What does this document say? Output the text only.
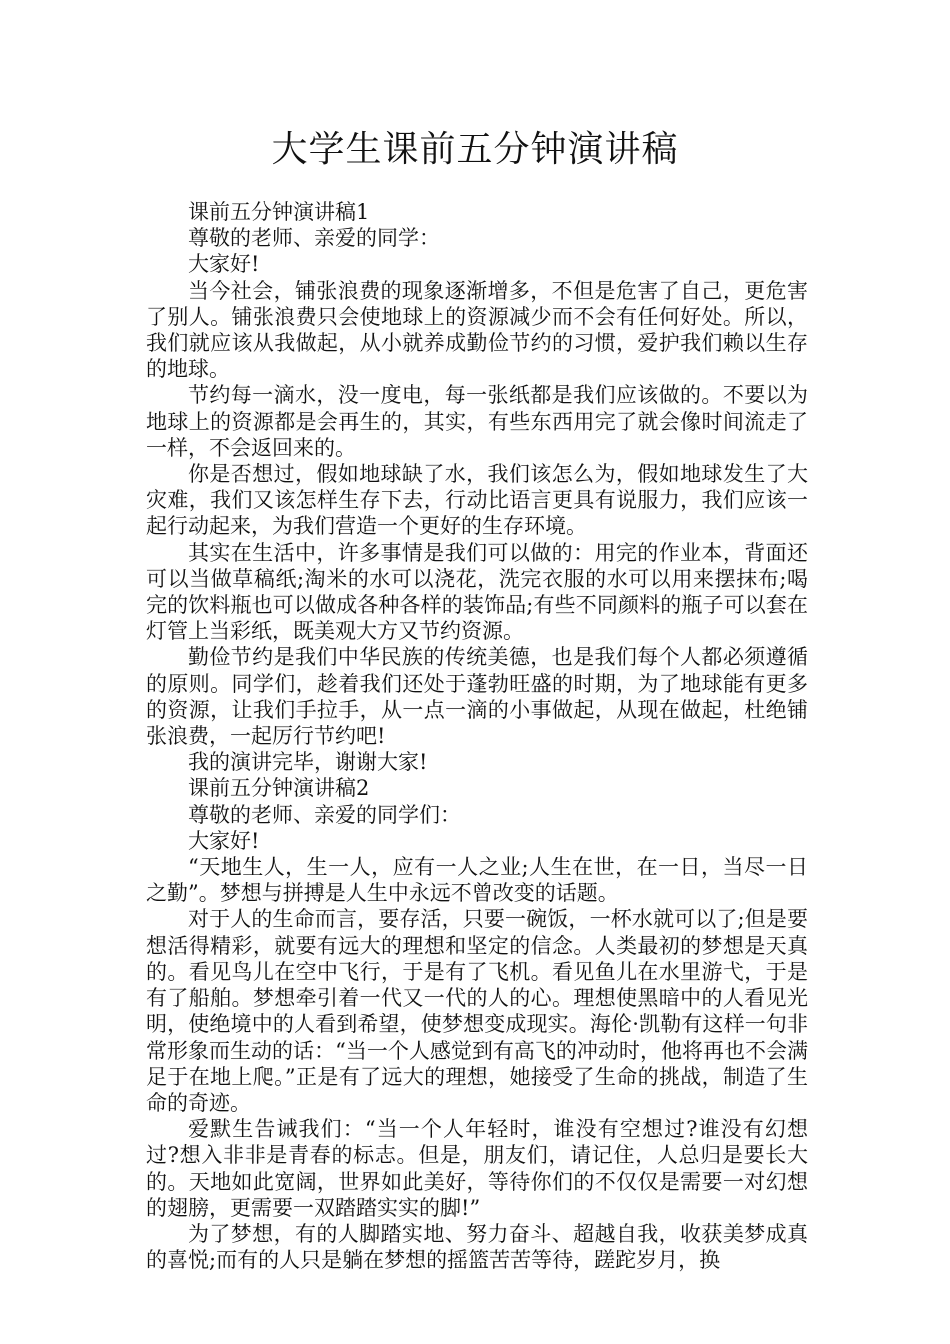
大学生课前五分钟演讲稿

课前五分钟演讲稿1

尊敬的老师、亲爱的同学：

大家好!

当今社会，铺张浪费的现象逐渐增多，不但是危害了自己，更危害了别人。铺张浪费只会使地球上的资源减少而不会有任何好处。所以，我们就应该从我做起，从小就养成勤俭节约的习惯，爱护我们赖以生存的地球。

节约每一滴水，没一度电，每一张纸都是我们应该做的。不要以为地球上的资源都是会再生的，其实，有些东西用完了就会像时间流走了一样，不会返回来的。

你是否想过，假如地球缺了水，我们该怎么为，假如地球发生了大灾难，我们又该怎样生存下去，行动比语言更具有说服力，我们应该一起行动起来，为我们营造一个更好的生存环境。

其实在生活中，许多事情是我们可以做的：用完的作业本，背面还可以当做草稿纸;淘米的水可以浇花，洗完衣服的水可以用来摆抹布;喝完的饮料瓶也可以做成各种各样的装饰品;有些不同颜料的瓶子可以套在灯管上当彩纸，既美观大方又节约资源。

勤俭节约是我们中华民族的传统美德，也是我们每个人都必须遵循的原则。同学们，趁着我们还处于蓬勃旺盛的时期，为了地球能有更多的资源，让我们手拉手，从一点一滴的小事做起，从现在做起，杜绝铺张浪费，一起厉行节约吧!

我的演讲完毕，谢谢大家!

课前五分钟演讲稿2

尊敬的老师、亲爱的同学们：

大家好!

“天地生人，生一人，应有一人之业;人生在世，在一日，当尽一日之勤”。梦想与拼搏是人生中永远不曾改变的话题。

对于人的生命而言，要存活，只要一碗饭，一杯水就可以了;但是要想活得精彩，就要有远大的理想和坚定的信念。人类最初的梦想是天真的。看见鸟儿在空中飞行，于是有了飞机。看见鱼儿在水里游弋，于是有了船舶。梦想牵引着一代又一代的人的心。理想使黑暗中的人看见光明，使绝境中的人看到希望，使梦想变成现实。海伦·凯勒有这样一句非常形象而生动的话：“当一个人感觉到有高飞的冲动时，他将再也不会满足于在地上爬。”正是有了远大的理想，她接受了生命的挑战，制造了生命的奇迹。

爱默生告诫我们：“当一个人年轻时，谁没有空想过?谁没有幻想过?想入非非是青春的标志。但是，朋友们，请记住，人总归是要长大的。天地如此宽阔，世界如此美好，等待你们的不仅仅是需要一对幻想的翅膀，更需要一双踏踏实实的脚!”

为了梦想，有的人脚踏实地、努力奋斗、超越自我，收获美梦成真的喜悦;而有的人只是躺在梦想的摇篮苦苦等待，蹉跎岁月，换
